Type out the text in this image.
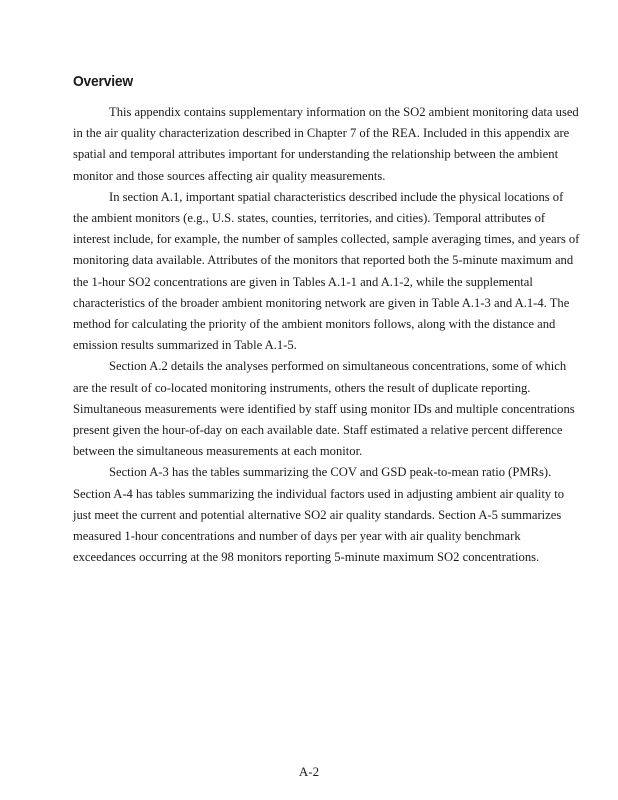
Overview

This appendix contains supplementary information on the SO2 ambient monitoring data used in the air quality characterization described in Chapter 7 of the REA. Included in this appendix are spatial and temporal attributes important for understanding the relationship between the ambient monitor and those sources affecting air quality measurements.

In section A.1, important spatial characteristics described include the physical locations of the ambient monitors (e.g., U.S. states, counties, territories, and cities). Temporal attributes of interest include, for example, the number of samples collected, sample averaging times, and years of monitoring data available. Attributes of the monitors that reported both the 5-minute maximum and the 1-hour SO2 concentrations are given in Tables A.1-1 and A.1-2, while the supplemental characteristics of the broader ambient monitoring network are given in Table A.1-3 and A.1-4. The method for calculating the priority of the ambient monitors follows, along with the distance and emission results summarized in Table A.1-5.

Section A.2 details the analyses performed on simultaneous concentrations, some of which are the result of co-located monitoring instruments, others the result of duplicate reporting. Simultaneous measurements were identified by staff using monitor IDs and multiple concentrations present given the hour-of-day on each available date. Staff estimated a relative percent difference between the simultaneous measurements at each monitor.

Section A-3 has the tables summarizing the COV and GSD peak-to-mean ratio (PMRs). Section A-4 has tables summarizing the individual factors used in adjusting ambient air quality to just meet the current and potential alternative SO2 air quality standards. Section A-5 summarizes measured 1-hour concentrations and number of days per year with air quality benchmark exceedances occurring at the 98 monitors reporting 5-minute maximum SO2 concentrations.

A-2
